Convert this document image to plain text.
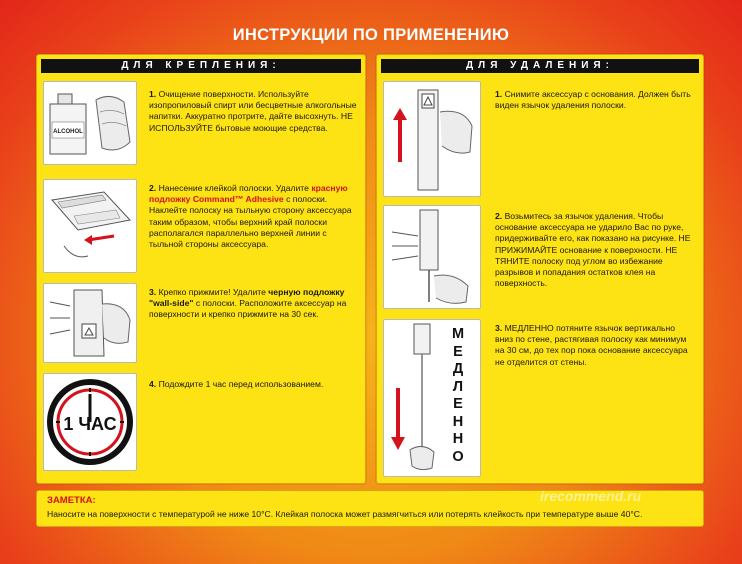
ИНСТРУКЦИИ ПО ПРИМЕНЕНИЮ
ДЛЯ КРЕПЛЕНИЯ:
ALCOHOL
1. Очищение поверхности. Используйте изопропиловый спирт или бесцветные алкогольные напитки. Аккуратно протрите, дайте высохнуть. НЕ ИСПОЛЬЗУЙТЕ бытовые моющие средства.
2. Нанесение клейкой полоски. Удалите красную подложку Command™ Adhesive с полоски. Наклейте полоску на тыльную сторону аксессуара таким образом, чтобы верхний край полоски располагался параллельно верхней линии с тыльной стороны аксессуара.
3. Крепко прижмите! Удалите черную подложку "wall-side" с полоски. Расположите аксессуар на поверхности и крепко прижмите на 30 сек.
1 ЧАС
4. Подождите 1 час перед использованием.
ДЛЯ УДАЛЕНИЯ:
1. Снимите аксессуар с основания. Должен быть виден язычок удаления полоски.
2. Возьмитесь за язычок удаления. Чтобы основание аксессуара не ударило Вас по руке, придерживайте его, как показано на рисунке. НЕ ПРИЖИМАЙТЕ основание к поверхности. НЕ ТЯНИТЕ полоску под углом во избежание разрывов и попадания остатков клея на поверхность.
М
Е
Д
Л
Е
Н
Н
О
3. МЕДЛЕННО потяните язычок вертикально вниз по стене, растягивая полоску как минимум на 30 см, до тех пор пока основание аксессуара не отделится от стены.
ЗАМЕТКА:
Наносите на поверхности с температурой не ниже 10°С. Клейкая полоска может размягчиться или потерять клейкость при температуре выше 40°С.
irecommend.ru
